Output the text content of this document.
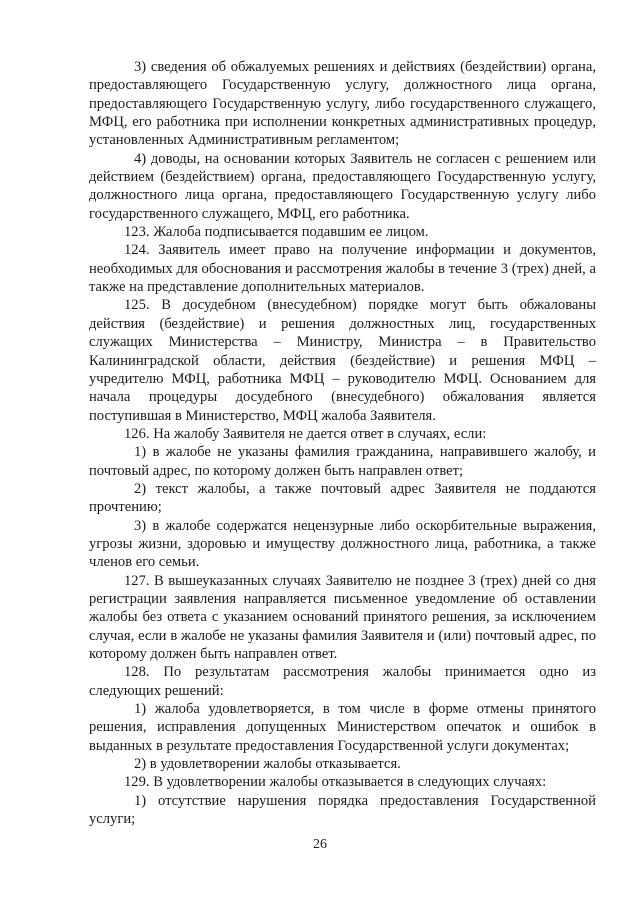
3) сведения об обжалуемых решениях и действиях (бездействии) органа, предоставляющего Государственную услугу, должностного лица органа, предоставляющего Государственную услугу, либо государственного служащего, МФЦ, его работника при исполнении конкретных административных процедур, установленных Административным регламентом;

4) доводы, на основании которых Заявитель не согласен с решением или действием (бездействием) органа, предоставляющего Государственную услугу, должностного лица органа, предоставляющего Государственную услугу либо государственного служащего, МФЦ, его работника.

123. Жалоба подписывается подавшим ее лицом.

124. Заявитель имеет право на получение информации и документов, необходимых для обоснования и рассмотрения жалобы в течение 3 (трех) дней, а также на представление дополнительных материалов.

125. В досудебном (внесудебном) порядке могут быть обжалованы действия (бездействие) и решения должностных лиц, государственных служащих Министерства – Министру, Министра – в Правительство Калининградской области, действия (бездействие) и решения МФЦ – учредителю МФЦ, работника МФЦ – руководителю МФЦ. Основанием для начала процедуры досудебного (внесудебного) обжалования является поступившая в Министерство, МФЦ жалоба Заявителя.

126. На жалобу Заявителя не дается ответ в случаях, если:

1) в жалобе не указаны фамилия гражданина, направившего жалобу, и почтовый адрес, по которому должен быть направлен ответ;

2) текст жалобы, а также почтовый адрес Заявителя не поддаются прочтению;

3) в жалобе содержатся нецензурные либо оскорбительные выражения, угрозы жизни, здоровью и имуществу должностного лица, работника, а также членов его семьи.

127. В вышеуказанных случаях Заявителю не позднее 3 (трех) дней со дня регистрации заявления направляется письменное уведомление об оставлении жалобы без ответа с указанием оснований принятого решения, за исключением случая, если в жалобе не указаны фамилия Заявителя и (или) почтовый адрес, по которому должен быть направлен ответ.

128. По результатам рассмотрения жалобы принимается одно из следующих решений:

1) жалоба удовлетворяется, в том числе в форме отмены принятого решения, исправления допущенных Министерством опечаток и ошибок в выданных в результате предоставления Государственной услуги документах;

2) в удовлетворении жалобы отказывается.

129. В удовлетворении жалобы отказывается в следующих случаях:

1) отсутствие нарушения порядка предоставления Государственной услуги;

26
